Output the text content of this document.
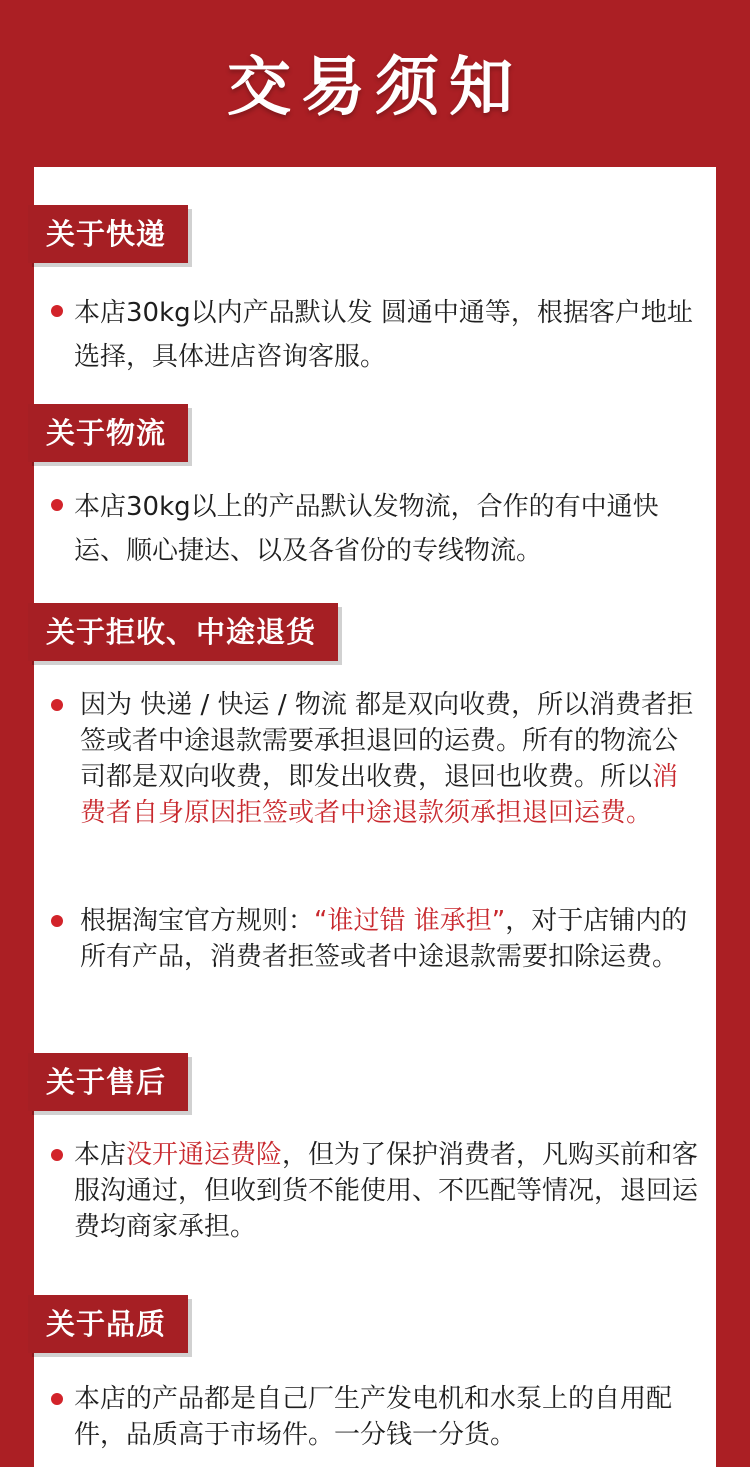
交易须知
关于快递
本店30kg以内产品默认发 圆通中通等，根据客户地址选择，具体进店咨询客服。
关于物流
本店30kg以上的产品默认发物流，合作的有中通快运、顺心捷达、以及各省份的专线物流。
关于拒收、中途退货
因为 快递 / 快运 / 物流 都是双向收费，所以消费者拒签或者中途退款需要承担退回的运费。所有的物流公司都是双向收费，即发出收费，退回也收费。所以消费者自身原因拒签或者中途退款须承担退回运费。
根据淘宝官方规则：“谁过错 谁承担”，对于店铺内的所有产品，消费者拒签或者中途退款需要扣除运费。
关于售后
本店没开通运费险，但为了保护消费者，凡购买前和客服沟通过，但收到货不能使用、不匹配等情况，退回运费均商家承担。
关于品质
本店的产品都是自己厂生产发电机和水泵上的自用配件，品质高于市场件。一分钱一分货。
